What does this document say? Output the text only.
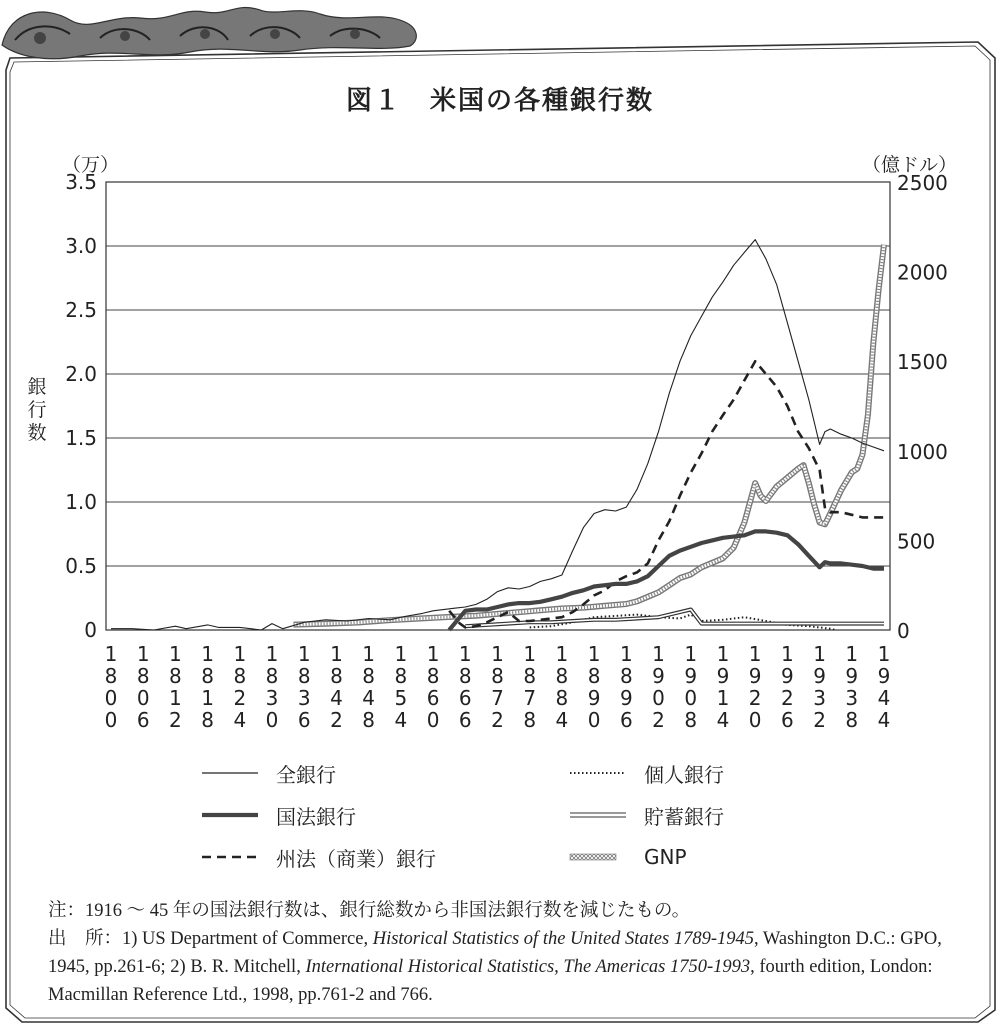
図１　米国の各種銀行数
（万）	（億ドル）
銀行数
0
0.5
1.0
1.5
2.0
2.5
3.0
3.5
0
500
1000
1500
2000
2500
1 8 0 0
1 8 0 6
1 8 1 2
1 8 1 8
1 8 2 4
1 8 3 0
1 8 3 6
1 8 4 2
1 8 4 8
1 8 5 4
1 8 6 0
1 8 6 6
1 8 7 2
1 8 7 8
1 8 8 4
1 8 9 0
1 8 9 6
1 9 0 2
1 9 0 8
1 9 1 4
1 9 2 0
1 9 2 6
1 9 3 2
1 9 3 8
1 9 4 4
全銀行	個人銀行
国法銀行	貯蓄銀行
州法（商業）銀行	GNP

注：1916 〜 45 年の国法銀行数は、銀行総数から非国法銀行数を減じたもの。

出　所：1) US Department of Commerce, Historical Statistics of the United States 1789-1945, Washington D.C.: GPO, 1945, pp.261-6; 2) B. R. Mitchell, International Historical Statistics, The Americas 1750-1993, fourth edition, London: Macmillan Reference Ltd., 1998, pp.761-2 and 766.
